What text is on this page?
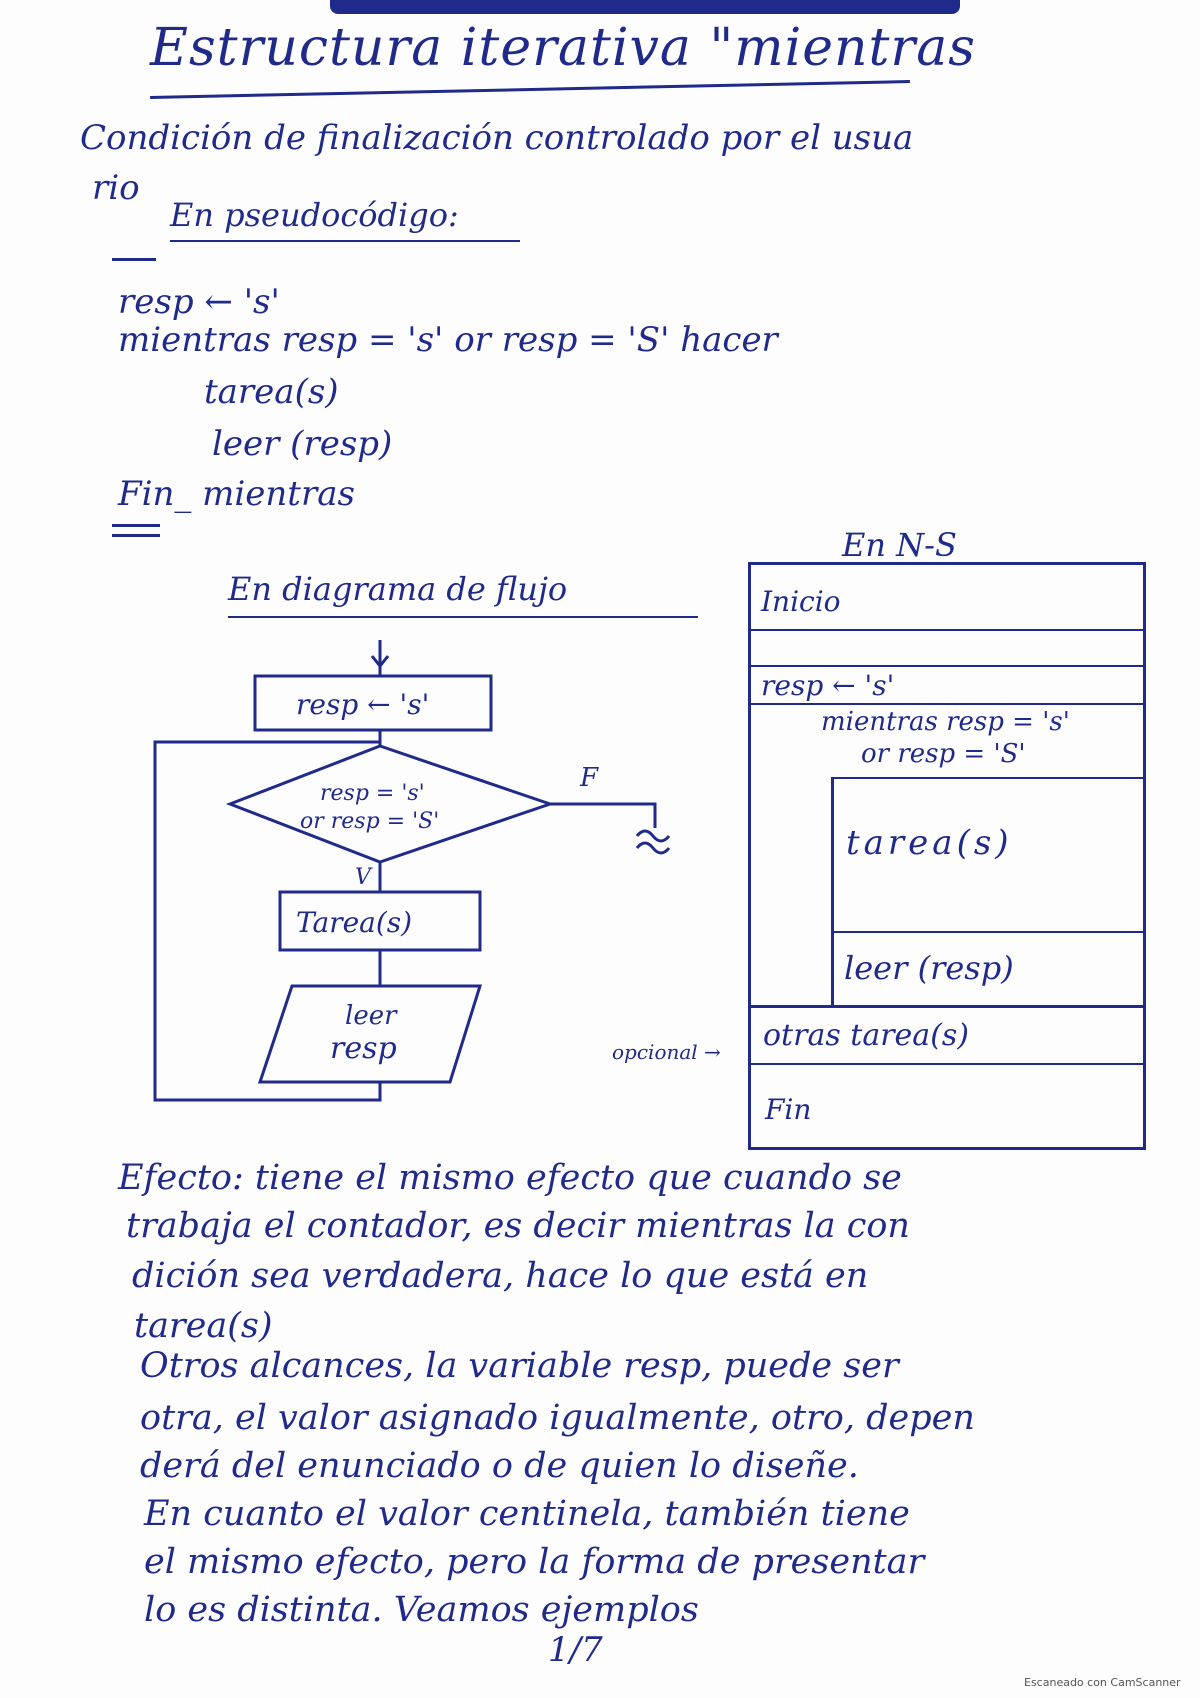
Estructura iterativa "mientras
Condición de finalización controlado por el usua
rio
En pseudocódigo:
resp ← 's'
mientras resp = 's' or resp = 'S' hacer
tarea(s)
leer (resp)
Fin_ mientras
En diagrama de flujo
resp ← 's'
resp = 's'
or resp = 'S'
F
V
Tarea(s)
leer
resp
En N-S
opcional →
Inicio
resp ← 's'
mientras resp = 's'
or resp = 'S'
tarea(s)
leer (resp)
otras tarea(s)
Fin
Efecto: tiene el mismo efecto que cuando se
trabaja el contador, es decir mientras la con
dición sea verdadera, hace lo que está en
tarea(s)
Otros alcances, la variable resp, puede ser
otra, el valor asignado igualmente, otro, depen
derá del enunciado o de quien lo diseñe.
En cuanto el valor centinela, también tiene
el mismo efecto, pero la forma de presentar
lo es distinta. Veamos ejemplos
1/7
Escaneado con CamScanner
